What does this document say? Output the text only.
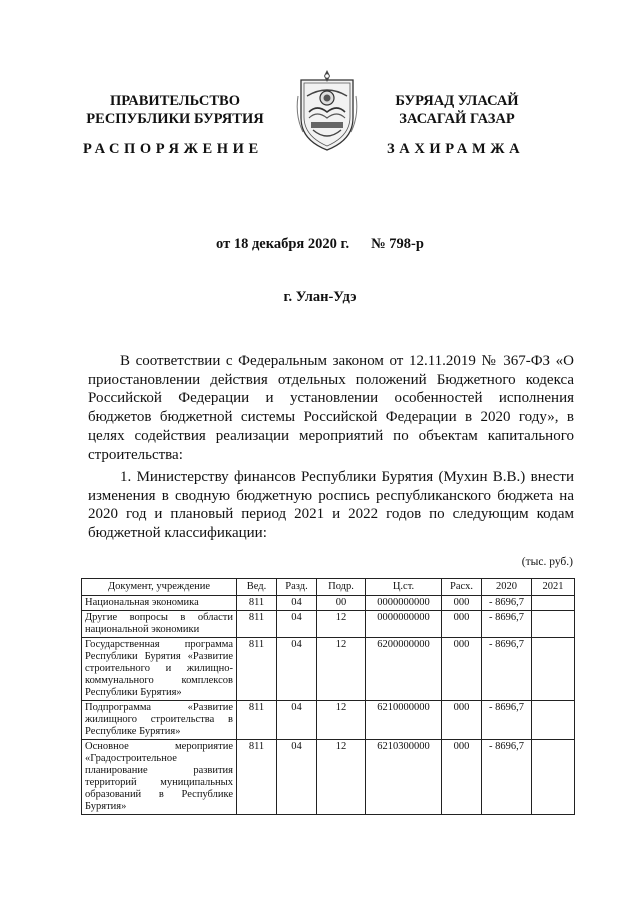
ПРАВИТЕЛЬСТВО
РЕСПУБЛИКИ БУРЯТИЯ
РАСПОРЯЖЕНИЕ
БУРЯАД УЛАСАЙ
ЗАСАГАЙ ГАЗАР
ЗАХИРАМЖА
от 18 декабря 2020 г. № 798-р
г. Улан-Удэ

В соответствии с Федеральным законом от 12.11.2019 № 367-ФЗ «О приостановлении действия отдельных положений Бюджетного кодекса Российской Федерации и установлении особенностей исполнения бюджетов бюджетной системы Российской Федерации в 2020 году», в целях содействия реализации мероприятий по объектам капитального строительства:

1. Министерству финансов Республики Бурятия (Мухин В.В.) внести изменения в сводную бюджетную роспись республиканского бюджета на 2020 год и плановый период 2021 и 2022 годов по следующим кодам бюджетной классификации:

(тыс. руб.)
Документ, учреждение	Вед.	Разд.	Подр.	Ц.ст.	Расх.	2020	2021
Национальная экономика	811	04	00	0000000000	000	- 8696,7	
Другие вопросы в области национальной экономики	811	04	12	0000000000	000	- 8696,7	
Государственная программа Республики Бурятия «Развитие строительного и жилищно-коммунального комплексов Республики Бурятия»	811	04	12	6200000000	000	- 8696,7	
Подпрограмма «Развитие жилищного строительства в Республике Бурятия»	811	04	12	6210000000	000	- 8696,7	
Основное мероприятие «Градостроительное планирование развития территорий муниципальных образований в Республике Бурятия»	811	04	12	6210300000	000	- 8696,7	
